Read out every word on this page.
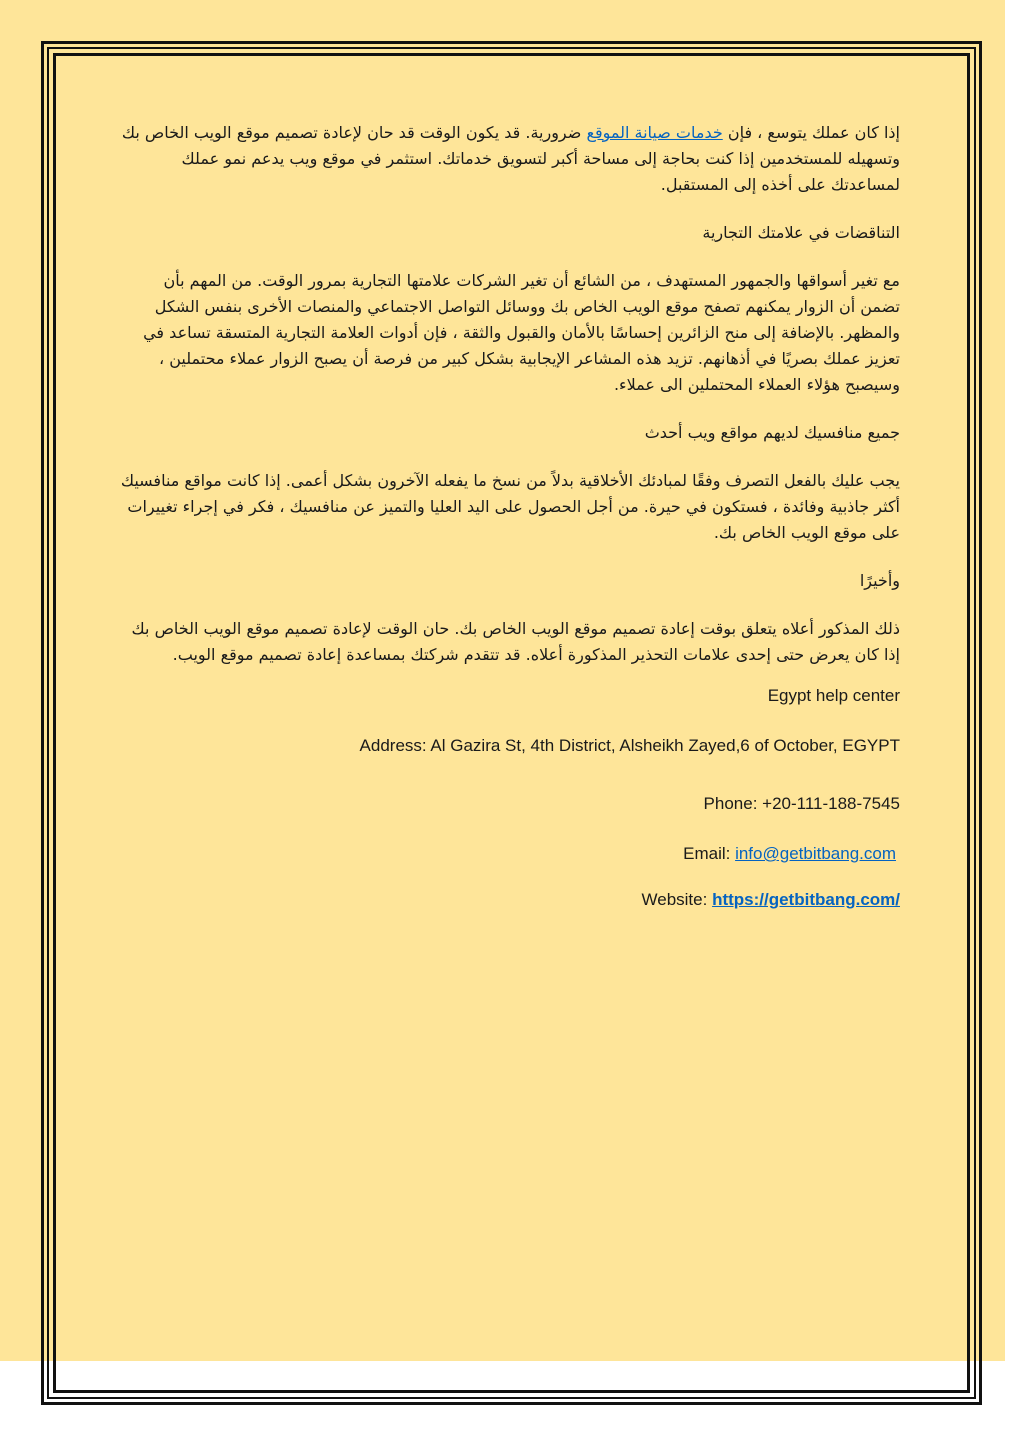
إذا كان عملك يتوسع ، فإن خدمات صيانة الموقع ضرورية. قد يكون الوقت قد حان لإعادة تصميم موقع الويب الخاص بك وتسهيله للمستخدمين إذا كنت بحاجة إلى مساحة أكبر لتسويق خدماتك. استثمر في موقع ويب يدعم نمو عملك لمساعدتك على أخذه إلى المستقبل.

التناقضات في علامتك التجارية

مع تغير أسواقها والجمهور المستهدف ، من الشائع أن تغير الشركات علامتها التجارية بمرور الوقت. من المهم بأن تضمن أن الزوار يمكنهم تصفح موقع الويب الخاص بك ووسائل التواصل الاجتماعي والمنصات الأخرى بنفس الشكل والمظهر. بالإضافة إلى منح الزائرين إحساسًا بالأمان والقبول والثقة ، فإن أدوات العلامة التجارية المتسقة تساعد في تعزيز عملك بصريًا في أذهانهم. تزيد هذه المشاعر الإيجابية بشكل كبير من فرصة أن يصبح الزوار عملاء محتملين ، وسيصبح هؤلاء العملاء المحتملين الى عملاء.

جميع منافسيك لديهم مواقع ويب أحدث

يجب عليك بالفعل التصرف وفقًا لمبادئك الأخلاقية بدلاً من نسخ ما يفعله الآخرون بشكل أعمى. إذا كانت مواقع منافسيك أكثر جاذبية وفائدة ، فستكون في حيرة. من أجل الحصول على اليد العليا والتميز عن منافسيك ، فكر في إجراء تغييرات على موقع الويب الخاص بك.

وأخيرًا

ذلك المذكور أعلاه يتعلق بوقت إعادة تصميم موقع الويب الخاص بك. حان الوقت لإعادة تصميم موقع الويب الخاص بك إذا كان يعرض حتى إحدى علامات التحذير المذكورة أعلاه. قد تتقدم شركتك بمساعدة إعادة تصميم موقع الويب.

Egypt help center

Address: Al Gazira St, 4th District, Alsheikh Zayed,6 of October, EGYPT

Phone: +20-111-188-7545

Email: info@getbitbang.com

Website: https://getbitbang.com/
